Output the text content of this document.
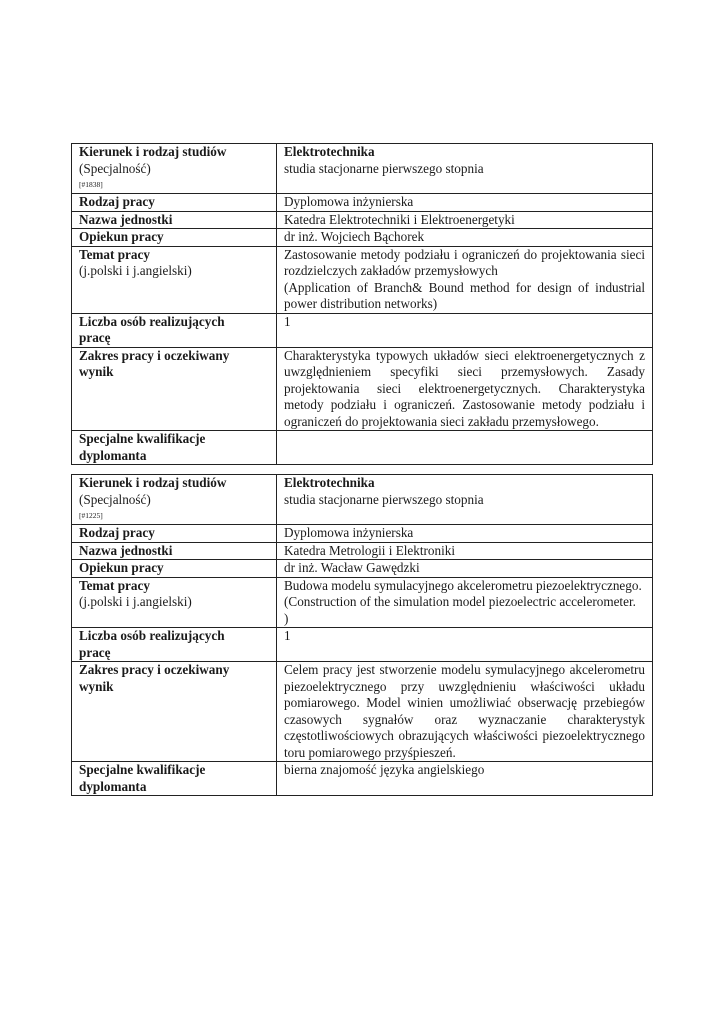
Kierunek i rodzaj studiów
(Specjalność)
[#1838]	Elektrotechnika
studia stacjonarne pierwszego stopnia

Rodzaj pracy	Dyplomowa inżynierska
Nazwa jednostki	Katedra Elektrotechniki i Elektroenergetyki
Opiekun pracy	dr inż. Wojciech Bąchorek

Temat pracy
(j.polski i j.angielski)	Zastosowanie metody podziału i ograniczeń do projektowania sieci rozdzielczych zakładów przemysłowych
(Application of Branch& Bound method for design of industrial power distribution networks)

Liczba osób realizujących
pracę	1

Zakres pracy i oczekiwany
wynik	Charakterystyka typowych układów sieci elektroenergetycznych z uwzględnieniem specyfiki sieci przemysłowych. Zasady projektowania sieci elektroenergetycznych. Charakterystyka metody podziału i ograniczeń. Zastosowanie metody podziału i ograniczeń do projektowania sieci zakładu przemysłowego.

Specjalne kwalifikacje
dyplomanta	

Kierunek i rodzaj studiów
(Specjalność)
[#1225]	Elektrotechnika
studia stacjonarne pierwszego stopnia

Rodzaj pracy	Dyplomowa inżynierska
Nazwa jednostki	Katedra Metrologii i Elektroniki
Opiekun pracy	dr inż. Wacław Gawędzki

Temat pracy
(j.polski i j.angielski)	Budowa modelu symulacyjnego akcelerometru piezoelektrycznego.
(Construction of the simulation model piezoelectric accelerometer.
)

Liczba osób realizujących
pracę	1

Zakres pracy i oczekiwany
wynik	Celem pracy jest stworzenie modelu symulacyjnego akcelerometru piezoelektrycznego przy uwzględnieniu właściwości układu pomiarowego. Model winien umożliwiać obserwację przebiegów czasowych sygnałów oraz wyznaczanie charakterystyk częstotliwościowych obrazujących właściwości piezoelektrycznego toru pomiarowego przyśpieszeń.

Specjalne kwalifikacje
dyplomanta	bierna znajomość języka angielskiego
